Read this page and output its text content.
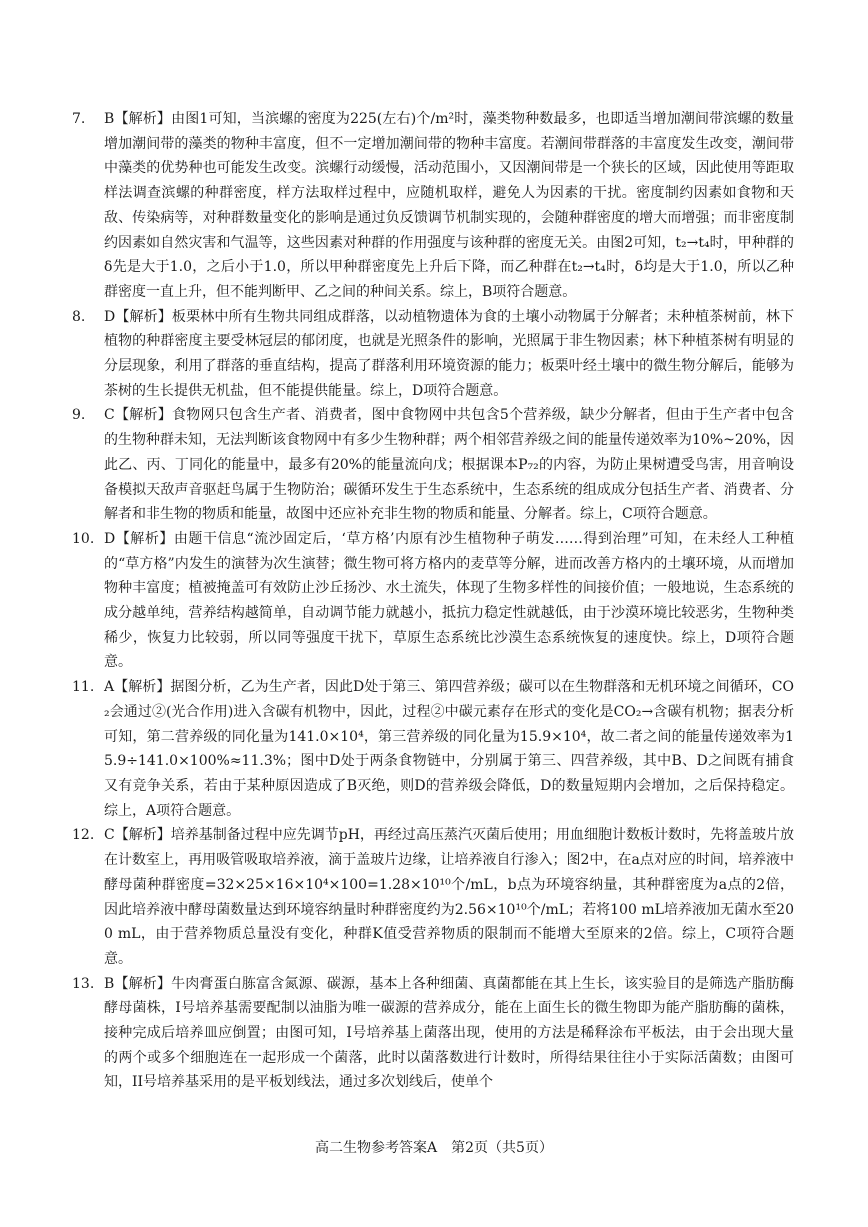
7. B【解析】由图1可知，当滨螺的密度为225(左右)个/m²时，藻类物种数最多，也即适当增加潮间带滨螺的数量增加潮间带的藻类的物种丰富度，但不一定增加潮间带的物种丰富度。若潮间带群落的丰富度发生改变，潮间带中藻类的优势种也可能发生改变。滨螺行动缓慢，活动范围小，又因潮间带是一个狭长的区域，因此使用等距取样法调查滨螺的种群密度，样方法取样过程中，应随机取样，避免人为因素的干扰。密度制约因素如食物和天敌、传染病等，对种群数量变化的影响是通过负反馈调节机制实现的，会随种群密度的增大而增强；而非密度制约因素如自然灾害和气温等，这些因素对种群的作用强度与该种群的密度无关。由图2可知，t₂→t₄时，甲种群的δ先是大于1.0，之后小于1.0，所以甲种群密度先上升后下降，而乙种群在t₂→t₄时，δ均是大于1.0，所以乙种群密度一直上升，但不能判断甲、乙之间的种间关系。综上，B项符合题意。
8. D【解析】板栗林中所有生物共同组成群落，以动植物遗体为食的土壤小动物属于分解者；未种植茶树前，林下植物的种群密度主要受林冠层的郁闭度，也就是光照条件的影响，光照属于非生物因素；林下种植茶树有明显的分层现象，利用了群落的垂直结构，提高了群落利用环境资源的能力；板栗叶经土壤中的微生物分解后，能够为茶树的生长提供无机盐，但不能提供能量。综上，D项符合题意。
9. C【解析】食物网只包含生产者、消费者，图中食物网中共包含5个营养级，缺少分解者，但由于生产者中包含的生物种群未知，无法判断该食物网中有多少生物种群；两个相邻营养级之间的能量传递效率为10%~20%，因此乙、丙、丁同化的能量中，最多有20%的能量流向戊；根据课本P₇₂的内容，为防止果树遭受鸟害，用音响设备模拟天敌声音驱赶鸟属于生物防治；碳循环发生于生态系统中，生态系统的组成成分包括生产者、消费者、分解者和非生物的物质和能量，故图中还应补充非生物的物质和能量、分解者。综上，C项符合题意。
10. D【解析】由题干信息“流沙固定后，‘草方格’内原有沙生植物种子萌发……得到治理”可知，在未经人工种植的“草方格”内发生的演替为次生演替；微生物可将方格内的麦草等分解，进而改善方格内的土壤环境，从而增加物种丰富度；植被掩盖可有效防止沙丘扬沙、水土流失，体现了生物多样性的间接价值；一般地说，生态系统的成分越单纯，营养结构越简单，自动调节能力就越小，抵抗力稳定性就越低，由于沙漠环境比较恶劣，生物种类稀少，恢复力比较弱，所以同等强度干扰下，草原生态系统比沙漠生态系统恢复的速度快。综上，D项符合题意。
11. A【解析】据图分析，乙为生产者，因此D处于第三、第四营养级；碳可以在生物群落和无机环境之间循环，CO₂会通过②(光合作用)进入含碳有机物中，因此，过程②中碳元素存在形式的变化是CO₂→含碳有机物；据表分析可知，第二营养级的同化量为141.0×10⁴，第三营养级的同化量为15.9×10⁴，故二者之间的能量传递效率为15.9÷141.0×100%≈11.3%；图中D处于两条食物链中，分别属于第三、四营养级，其中B、D之间既有捕食又有竞争关系，若由于某种原因造成了B灭绝，则D的营养级会降低，D的数量短期内会增加，之后保持稳定。综上，A项符合题意。
12. C【解析】培养基制备过程中应先调节pH，再经过高压蒸汽灭菌后使用；用血细胞计数板计数时，先将盖玻片放在计数室上，再用吸管吸取培养液，滴于盖玻片边缘，让培养液自行渗入；图2中，在a点对应的时间，培养液中酵母菌种群密度=32×25×16×10⁴×100=1.28×10¹⁰个/mL，b点为环境容纳量，其种群密度为a点的2倍，因此培养液中酵母菌数量达到环境容纳量时种群密度约为2.56×10¹⁰个/mL；若将100 mL培养液加无菌水至200 mL，由于营养物质总量没有变化，种群K值受营养物质的限制而不能增大至原来的2倍。综上，C项符合题意。
13. B【解析】牛肉膏蛋白胨富含氮源、碳源，基本上各种细菌、真菌都能在其上生长，该实验目的是筛选产脂肪酶酵母菌株，I号培养基需要配制以油脂为唯一碳源的营养成分，能在上面生长的微生物即为能产脂肪酶的菌株，接种完成后培养皿应倒置；由图可知，I号培养基上菌落出现，使用的方法是稀释涂布平板法，由于会出现大量的两个或多个细胞连在一起形成一个菌落，此时以菌落数进行计数时，所得结果往往小于实际活菌数；由图可知，II号培养基采用的是平板划线法，通过多次划线后，使单个
高二生物参考答案A　第2页（共5页）
